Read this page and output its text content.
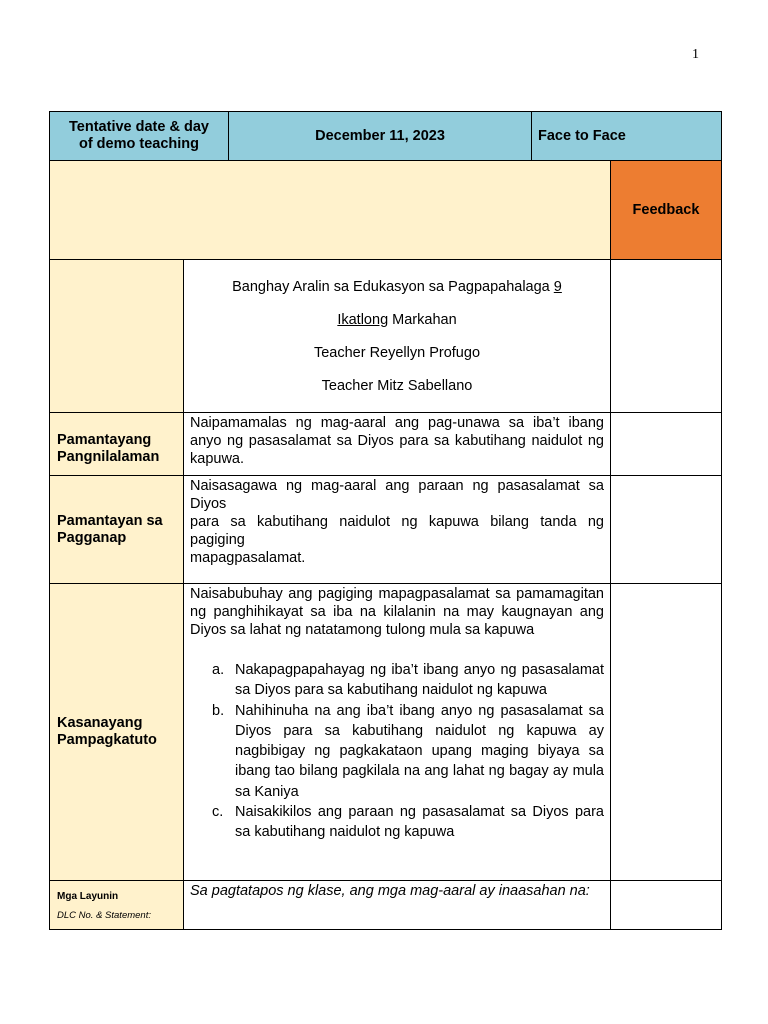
1
Tentative date & day of demo teaching	December 11, 2023	Face to Face
Feedback

Banghay Aralin sa Edukasyon sa Pagpapahalaga 9

Ikatlong Markahan

Teacher Reyellyn Profugo

Teacher Mitz Sabellano

Pamantayang Pangnilalaman
Naipamamalas ng mag-aaral ang pag-unawa sa iba’t ibang anyo ng pasasalamat sa Diyos para sa kabutihang naidulot ng kapuwa.
Pamantayan sa Pagganap
Naisasagawa ng mag-aaral ang paraan ng pasasalamat sa
Diyos
para sa kabutihang naidulot ng kapuwa bilang tanda ng
pagiging
mapagpasalamat.
Kasanayang Pampagkatuto
Naisabubuhay ang pagiging mapagpasalamat sa pamamagitan ng panghihikayat sa iba na kilalanin na may kaugnayan ang Diyos sa lahat ng natatamong tulong mula sa kapuwa
a. Nakapagpapahayag ng iba’t ibang anyo ng pasasalamat sa Diyos para sa kabutihang naidulot ng kapuwa
b. Nahihinuha na ang iba’t ibang anyo ng pasasalamat sa Diyos para sa kabutihang naidulot ng kapuwa ay nagbibigay ng pagkakataon upang maging biyaya sa ibang tao bilang pagkilala na ang lahat ng bagay ay mula sa Kaniya
c. Naisakikilos ang paraan ng pasasalamat sa Diyos para sa kabutihang naidulot ng kapuwa
Mga Layunin
DLC No. & Statement:
Sa pagtatapos ng klase, ang mga mag-aaral ay inaasahan na:
